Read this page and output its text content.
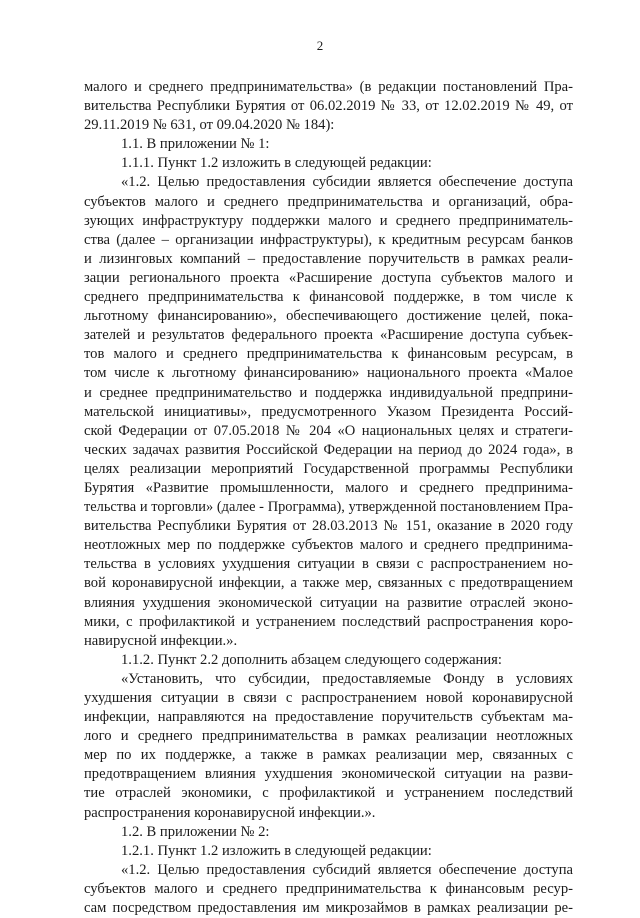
2
малого и среднего предпринимательства» (в редакции постановлений Пра-
вительства Республики Бурятия от 06.02.2019 № 33, от 12.02.2019 № 49, от
29.11.2019 № 631, от 09.04.2020 № 184):
1.1. В приложении № 1:
1.1.1. Пункт 1.2 изложить в следующей редакции:
«1.2. Целью предоставления субсидии является обеспечение доступа
субъектов малого и среднего предпринимательства и организаций, обра-
зующих инфраструктуру поддержки малого и среднего предприниматель-
ства (далее – организации инфраструктуры), к кредитным ресурсам банков
и лизинговых компаний – предоставление поручительств в рамках реали-
зации регионального проекта «Расширение доступа субъектов малого и
среднего предпринимательства к финансовой поддержке, в том числе к
льготному финансированию», обеспечивающего достижение целей, пока-
зателей и результатов федерального проекта «Расширение доступа субъек-
тов малого и среднего предпринимательства к финансовым ресурсам, в
том числе к льготному финансированию» национального проекта «Малое
и среднее предпринимательство и поддержка индивидуальной предприни-
мательской инициативы», предусмотренного Указом Президента Россий-
ской Федерации от 07.05.2018 № 204 «О национальных целях и стратеги-
ческих задачах развития Российской Федерации на период до 2024 года», в
целях реализации мероприятий Государственной программы Республики
Бурятия «Развитие промышленности, малого и среднего предпринима-
тельства и торговли» (далее - Программа), утвержденной постановлением Пра-
вительства Республики Бурятия от 28.03.2013 № 151, оказание в 2020 году
неотложных мер по поддержке субъектов малого и среднего предпринима-
тельства в условиях ухудшения ситуации в связи с распространением но-
вой коронавирусной инфекции, а также мер, связанных с предотвращением
влияния ухудшения экономической ситуации на развитие отраслей эконо-
мики, с профилактикой и устранением последствий распространения коро-
навирусной инфекции.».
1.1.2. Пункт 2.2 дополнить абзацем следующего содержания:
«Установить, что субсидии, предоставляемые Фонду в условиях
ухудшения ситуации в связи с распространением новой коронавирусной
инфекции, направляются на предоставление поручительств субъектам ма-
лого и среднего предпринимательства в рамках реализации неотложных
мер по их поддержке, а также в рамках реализации мер, связанных с
предотвращением влияния ухудшения экономической ситуации на разви-
тие отраслей экономики, с профилактикой и устранением последствий
распространения коронавирусной инфекции.».
1.2. В приложении № 2:
1.2.1. Пункт 1.2 изложить в следующей редакции:
«1.2. Целью предоставления субсидий является обеспечение доступа
субъектов малого и среднего предпринимательства к финансовым ресур-
сам посредством предоставления им микрозаймов в рамках реализации ре-
